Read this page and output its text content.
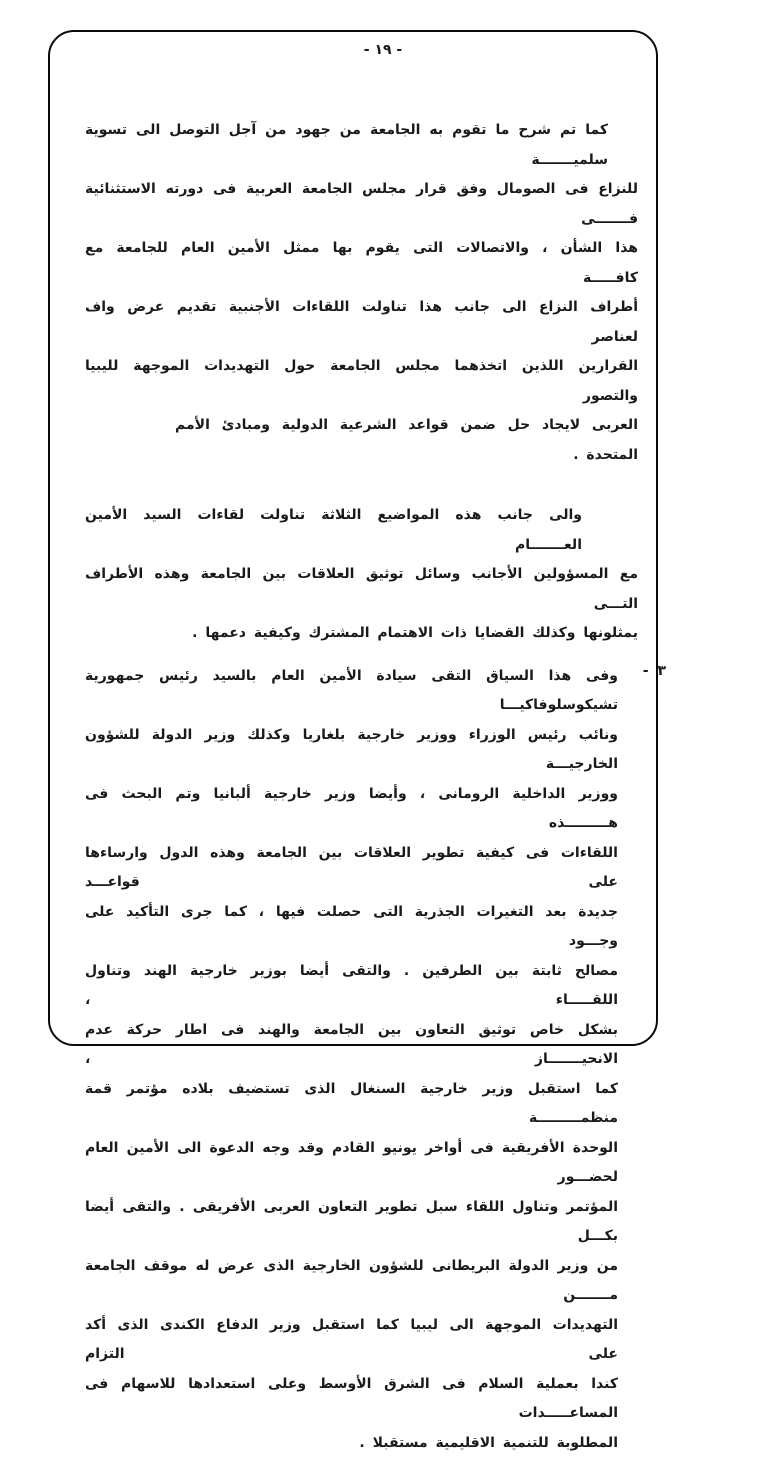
- ١٩ -
كما تم شرح ما تقوم به الجامعة من جهود من آجل التوصل الى تسوية سلميـــــــة
للنزاع فى الصومال وفق قرار مجلس الجامعة العربية فى دورته الاستثنائية فـــــــى
هذا الشأن ، والاتصالات التى يقوم بها ممثل الأمين العام للجامعة مع كافـــــة
أطراف النزاع الى جانب هذا تناولت اللقاءات الأجنبية تقديم عرض واف لعناصر
القرارين اللذين اتخذهما مجلس الجامعة حول التهديدات الموجهة لليبيا والتصور
العربى لايجاد حل ضمن قواعد الشرعية الدولية ومبادئ الأمم المتحدة .
والى جانب هذه المواضيع الثلاثة تناولت لقاءات السيد الأمين العـــــــام
مع المسؤولين الأجانب وسائل توثيق العلاقات بين الجامعة وهذه الأطراف التـــى
يمثلونها وكذلك القضايا ذات الاهتمام المشترك وكيفية دعمها .
٣ -
وفى هذا السياق التقى سيادة الأمين العام بالسيد رئيس جمهورية تشيكوسلوفاكيـــا
ونائب رئيس الوزراء ووزير خارجية بلغاريا وكذلك وزير الدولة للشؤون الخارجيـــة
ووزير الداخلية الرومانى ، وأيضا وزير خارجية ألبانيا وتم البحث فى هـــــــــذه
اللقاءات فى كيفية تطوير العلاقات بين الجامعة وهذه الدول وارساءها على قواعـــد
جديدة بعد التغيرات الجذرية التى حصلت فيها ، كما جرى التأكيد على وجـــود
مصالح ثابتة بين الطرفين . والتقى أيضا بوزير خارجية الهند وتناول اللقـــــاء ،
بشكل خاص توثيق التعاون بين الجامعة والهند فى اطار حركة عدم الانحيـــــــاز ،
كما استقبل وزير خارجية السنغال الذى تستضيف بلاده مؤتمر قمة منظمـــــــــة
الوحدة الأفريقية فى أواخر يونيو القادم وقد وجه الدعوة الى الأمين العام لحضـــور
المؤتمر وتناول اللقاء سبل تطوير التعاون العربى الأفريقى . والتقى أيضا بكـــل
من وزير الدولة البريطانى للشؤون الخارجية الذى عرض له موقف الجامعة مـــــــن
التهديدات الموجهة الى ليبيا كما استقبل وزير الدفاع الكندى الذى أكد على التزام
كندا بعملية السلام فى الشرق الأوسط وعلى استعدادها للاسهام فى المساعـــــدات
المطلوبة للتنمية الاقليمية مستقبلا .
